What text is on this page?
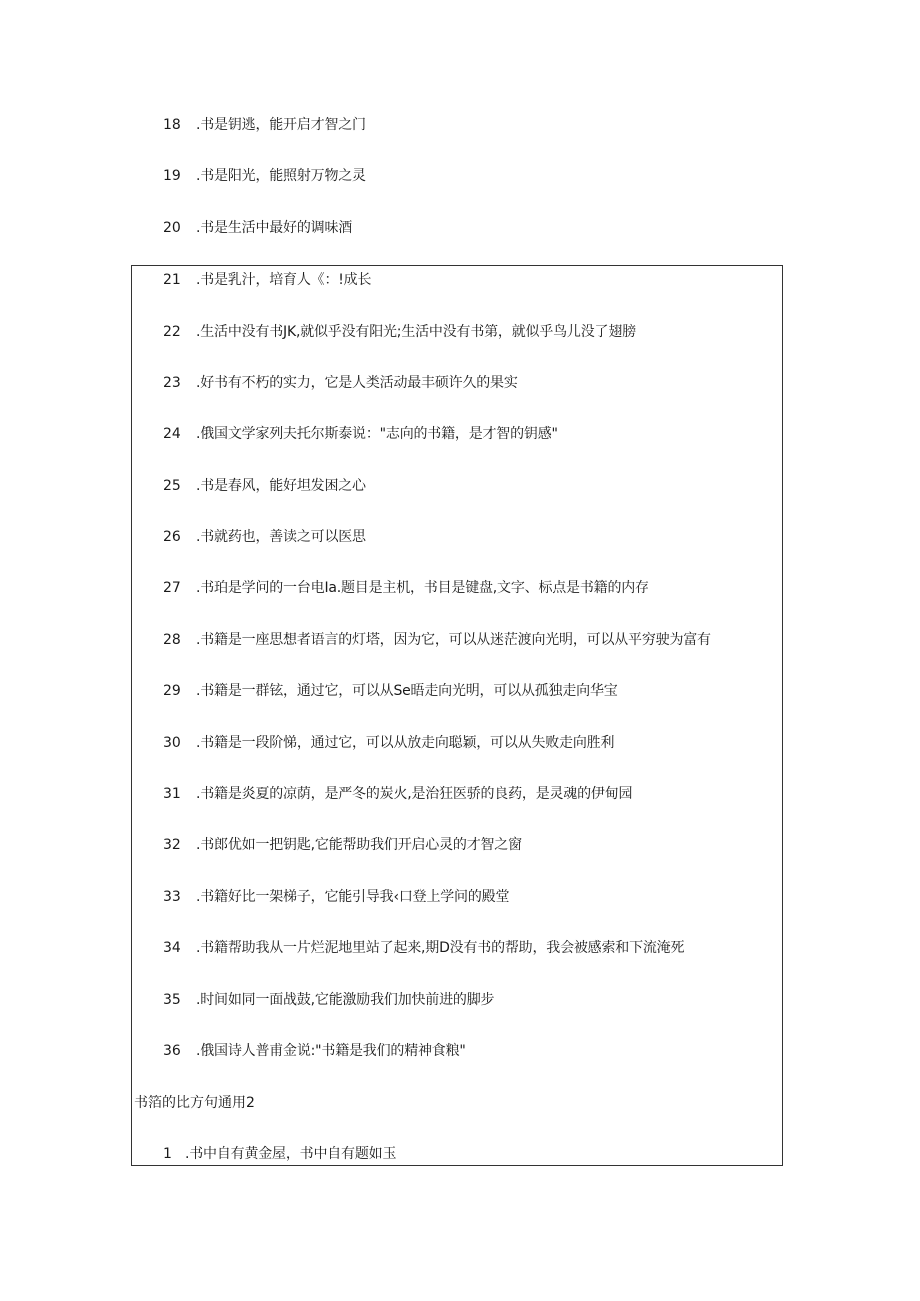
18 .书是钥逃，能开启才智之门
19 .书是阳光，能照射万物之灵
20 .书是生活中最好的调味酒
21 .书是乳汁，培育人《：!成长
22 .生活中没有书JK,就似乎没有阳光;生活中没有书第，就似乎鸟儿没了翅膀
23 .好书有不朽的实力，它是人类活动最丰硕许久的果实
24 .俄国文学家列夫托尔斯泰说："志向的书籍，是才智的钥感"
25 .书是春风，能好坦发困之心
26 .书就药也，善读之可以医思
27 .书珀是学问的一台电Ia.题目是主机，书目是键盘,文字、标点是书籍的内存
28 .书籍是一座思想者语言的灯塔，因为它，可以从迷茫渡向光明，可以从平穷驶为富有
29 .书籍是一群铉，通过它，可以从Se晤走向光明，可以从孤独走向华宝
30 .书籍是一段阶悌，通过它，可以从放走向聪颖，可以从失败走向胜利
31 .书籍是炎夏的凉荫，是严冬的炭火,是治狂医骄的良药，是灵魂的伊甸园
32 .书郎优如一把钥匙,它能帮助我们开启心灵的才智之窗
33 .书籍好比一架梯子，它能引导我‹口登上学问的殿堂
34 .书籍帮助我从一片烂泥地里站了起来,期D没有书的帮助，我会被感索和下流淹死
35 .时间如同一面战鼓,它能激励我们加快前进的脚步
36 .俄国诗人普甫金说:"书籍是我们的精神食粮"
书箔的比方句通用2
1 .书中自有黄金屋，书中自有题如玉
